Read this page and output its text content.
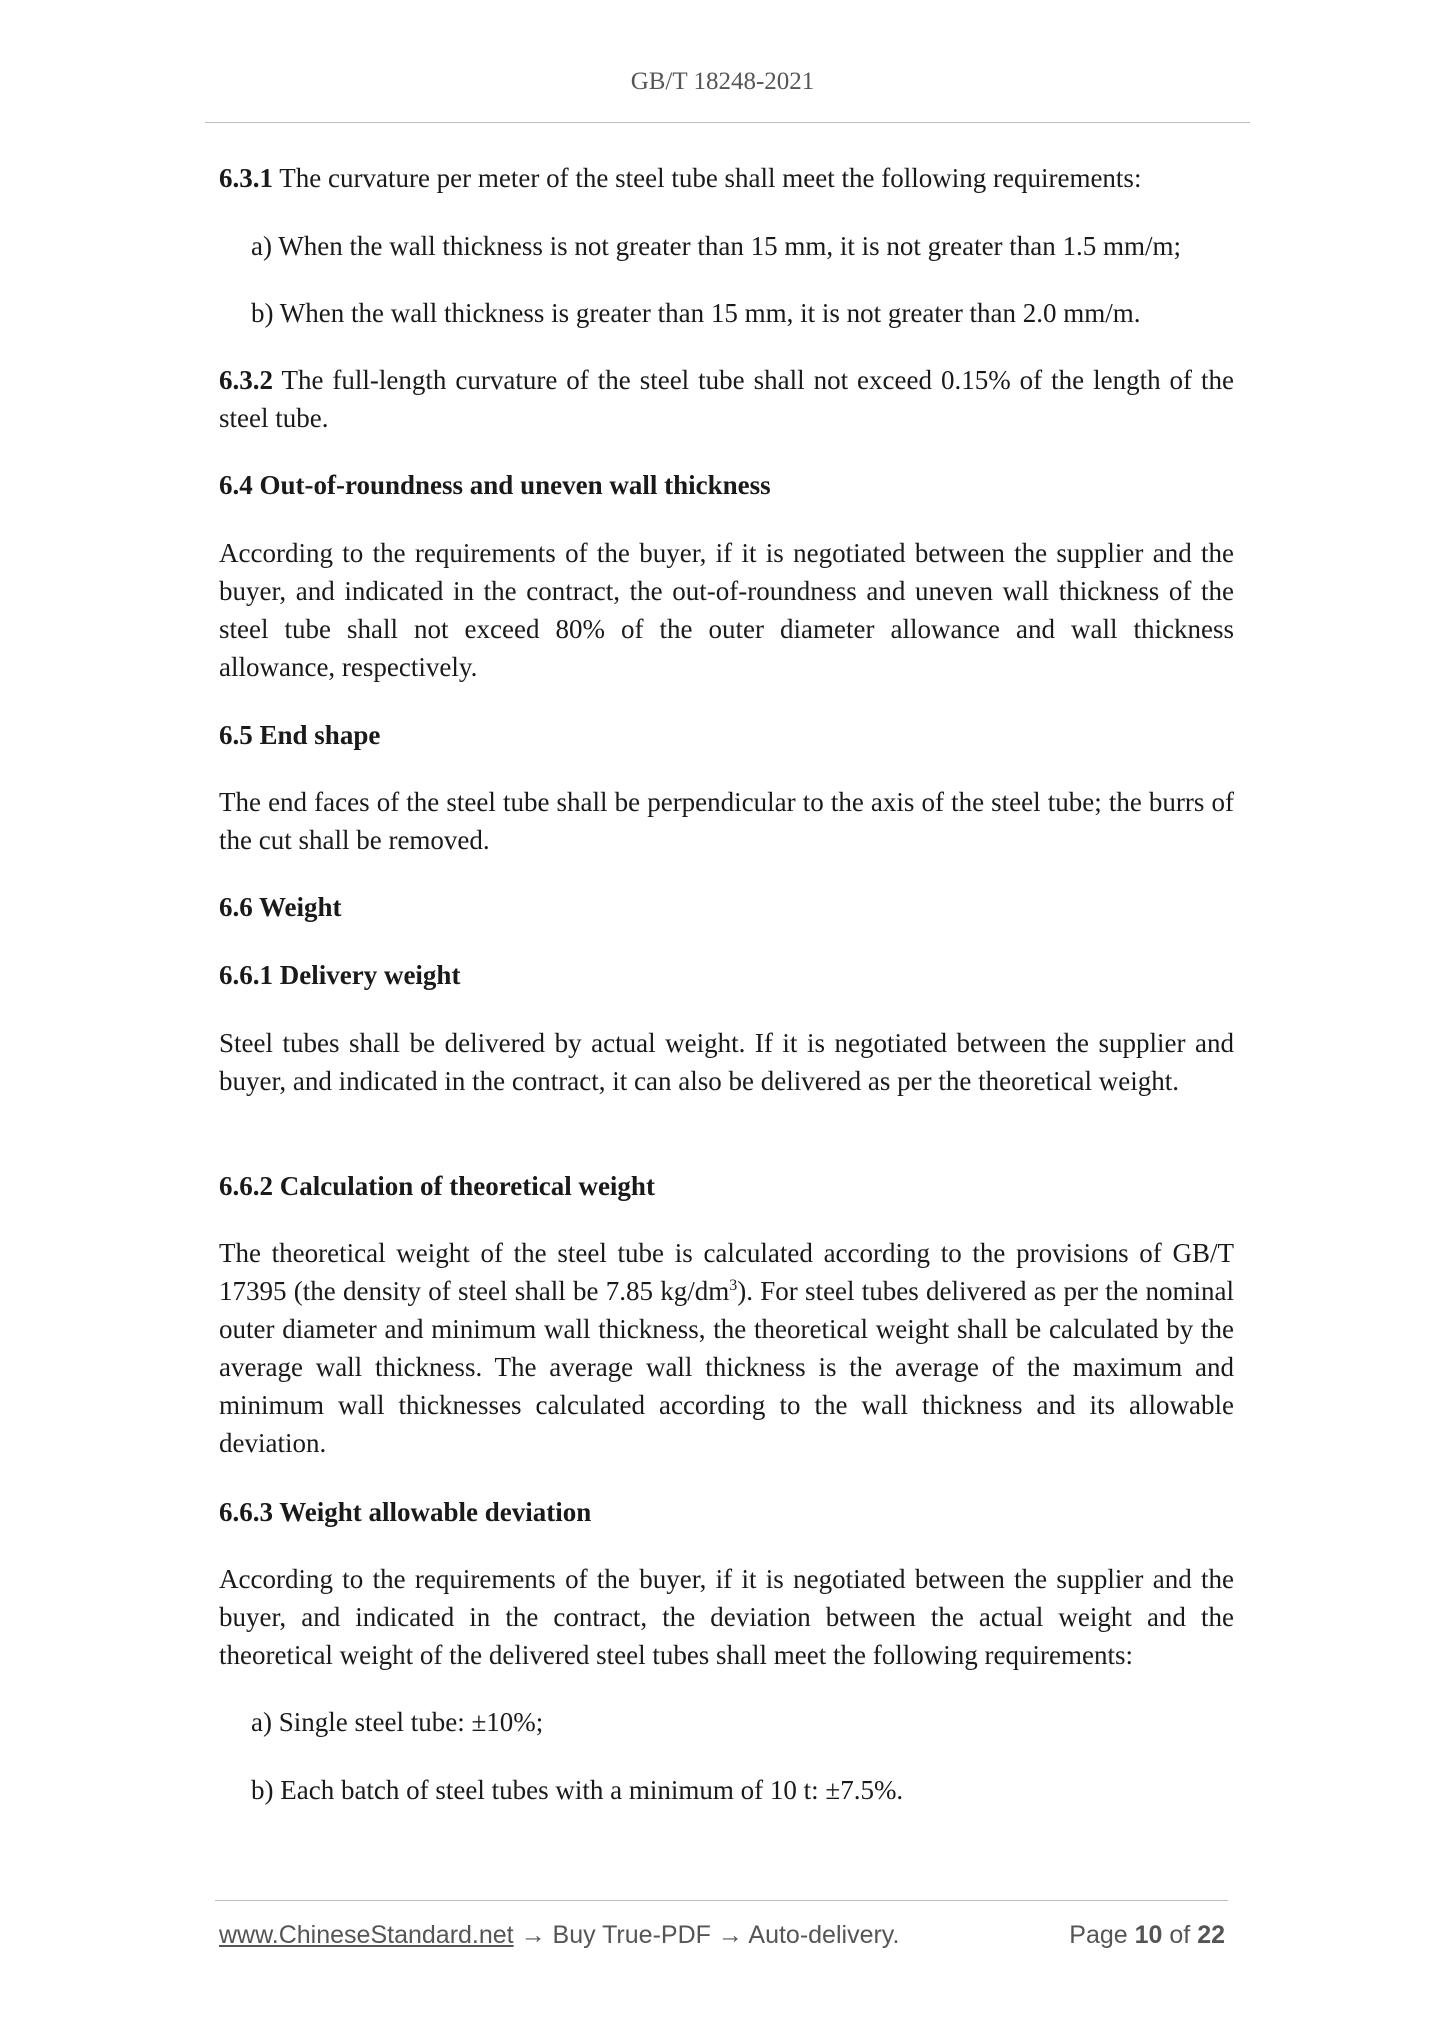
GB/T 18248-2021

6.3.1 The curvature per meter of the steel tube shall meet the following requirements:

a) When the wall thickness is not greater than 15 mm, it is not greater than 1.5 mm/m;

b) When the wall thickness is greater than 15 mm, it is not greater than 2.0 mm/m.

6.3.2 The full-length curvature of the steel tube shall not exceed 0.15% of the length of the steel tube.

6.4 Out-of-roundness and uneven wall thickness

According to the requirements of the buyer, if it is negotiated between the supplier and the buyer, and indicated in the contract, the out-of-roundness and uneven wall thickness of the steel tube shall not exceed 80% of the outer diameter allowance and wall thickness allowance, respectively.

6.5 End shape

The end faces of the steel tube shall be perpendicular to the axis of the steel tube; the burrs of the cut shall be removed.

6.6 Weight

6.6.1 Delivery weight

Steel tubes shall be delivered by actual weight. If it is negotiated between the supplier and buyer, and indicated in the contract, it can also be delivered as per the theoretical weight.

6.6.2 Calculation of theoretical weight

The theoretical weight of the steel tube is calculated according to the provisions of GB/T 17395 (the density of steel shall be 7.85 $kg/dm^3$). For steel tubes delivered as per the nominal outer diameter and minimum wall thickness, the theoretical weight shall be calculated by the average wall thickness. The average wall thickness is the average of the maximum and minimum wall thicknesses calculated according to the wall thickness and its allowable deviation.

6.6.3 Weight allowable deviation

According to the requirements of the buyer, if it is negotiated between the supplier and the buyer, and indicated in the contract, the deviation between the actual weight and the theoretical weight of the delivered steel tubes shall meet the following requirements:

a) Single steel tube: ±10%;

b) Each batch of steel tubes with a minimum of 10 t: ±7.5%.

www.ChineseStandard.net → Buy True-PDF → Auto-delivery.	Page 10 of 22
